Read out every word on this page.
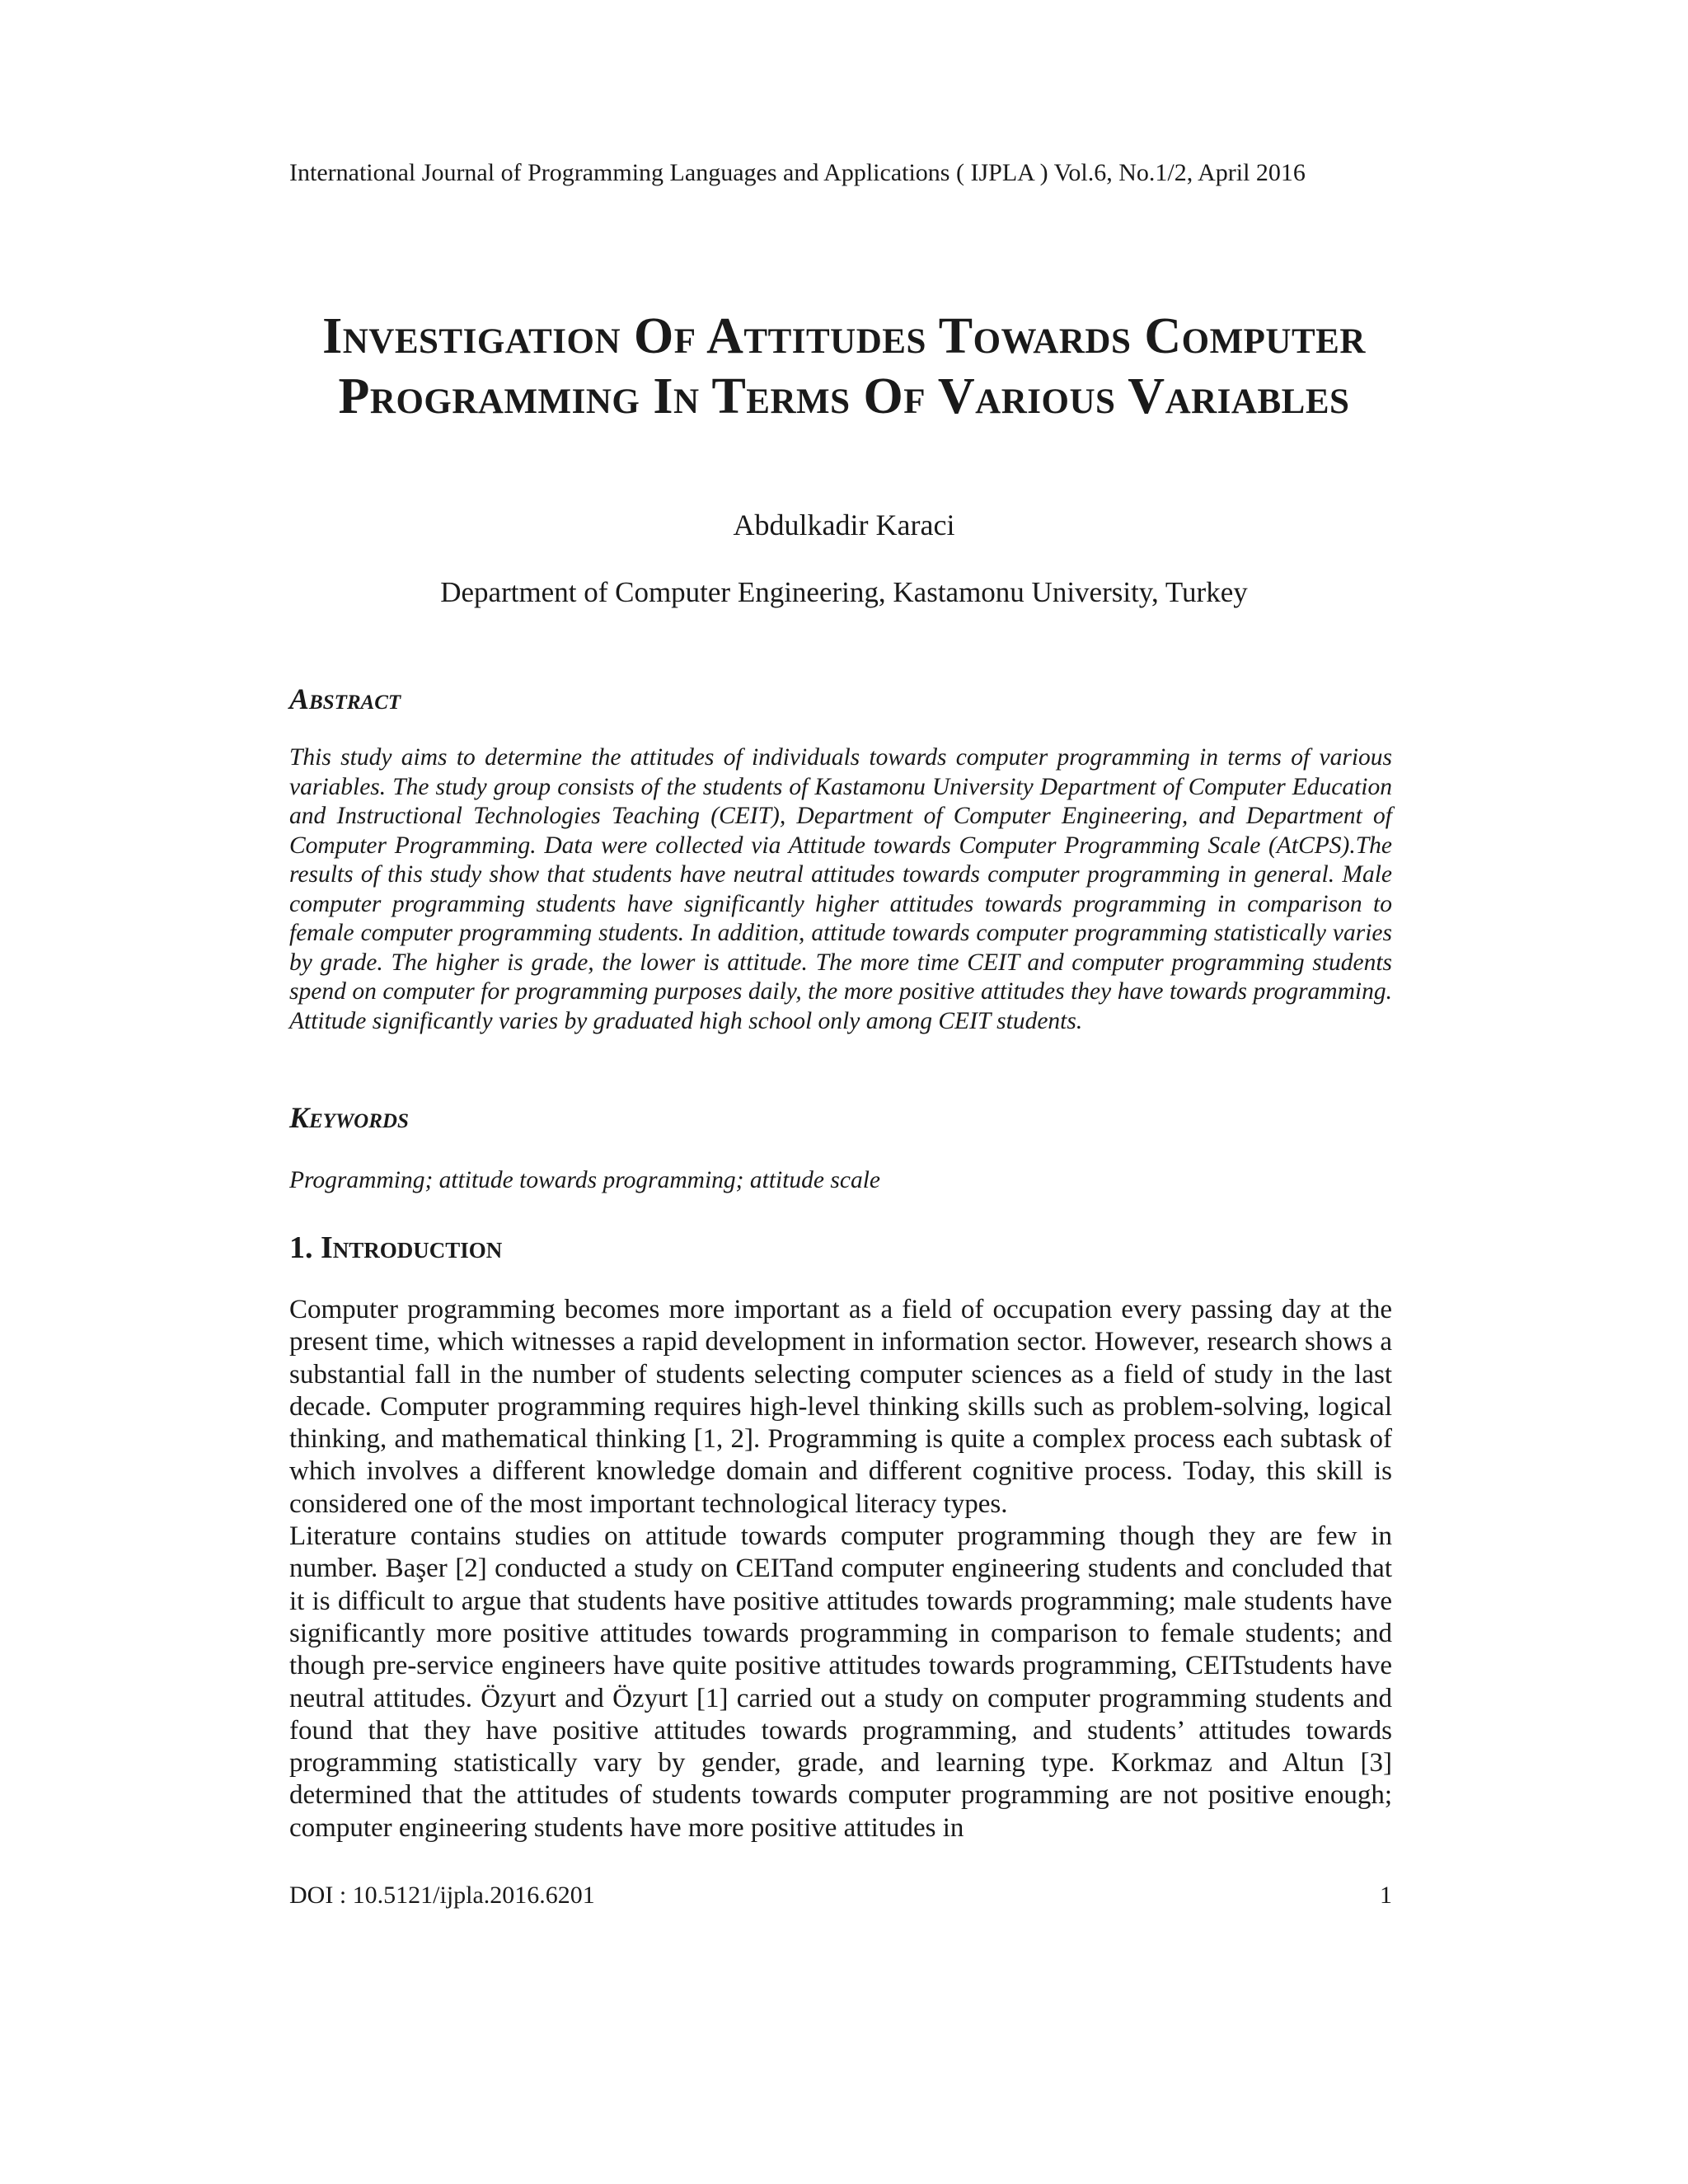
International Journal of Programming Languages and Applications ( IJPLA ) Vol.6, No.1/2, April 2016
Investigation Of Attitudes Towards Computer Programming In Terms Of Various Variables
Abdulkadir Karaci
Department of Computer Engineering, Kastamonu University, Turkey
Abstract
This study aims to determine the attitudes of individuals towards computer programming in terms of various variables. The study group consists of the students of Kastamonu University Department of Computer Education and Instructional Technologies Teaching (CEIT), Department of Computer Engineering, and Department of Computer Programming. Data were collected via Attitude towards Computer Programming Scale (AtCPS).The results of this study show that students have neutral attitudes towards computer programming in general. Male computer programming students have significantly higher attitudes towards programming in comparison to female computer programming students. In addition, attitude towards computer programming statistically varies by grade. The higher is grade, the lower is attitude. The more time CEIT and computer programming students spend on computer for programming purposes daily, the more positive attitudes they have towards programming. Attitude significantly varies by graduated high school only among CEIT students.
Keywords
Programming; attitude towards programming; attitude scale
1. Introduction

Computer programming becomes more important as a field of occupation every passing day at the present time, which witnesses a rapid development in information sector. However, research shows a substantial fall in the number of students selecting computer sciences as a field of study in the last decade. Computer programming requires high-level thinking skills such as problem-solving, logical thinking, and mathematical thinking [1, 2]. Programming is quite a complex process each subtask of which involves a different knowledge domain and different cognitive process. Today, this skill is considered one of the most important technological literacy types.

Literature contains studies on attitude towards computer programming though they are few in number. Başer [2] conducted a study on CEITand computer engineering students and concluded that it is difficult to argue that students have positive attitudes towards programming; male students have significantly more positive attitudes towards programming in comparison to female students; and though pre-service engineers have quite positive attitudes towards programming, CEITstudents have neutral attitudes. Özyurt and Özyurt [1] carried out a study on computer programming students and found that they have positive attitudes towards programming, and students’ attitudes towards programming statistically vary by gender, grade, and learning type. Korkmaz and Altun [3] determined that the attitudes of students towards computer programming are not positive enough; computer engineering students have more positive attitudes in

DOI : 10.5121/ijpla.2016.6201	1
